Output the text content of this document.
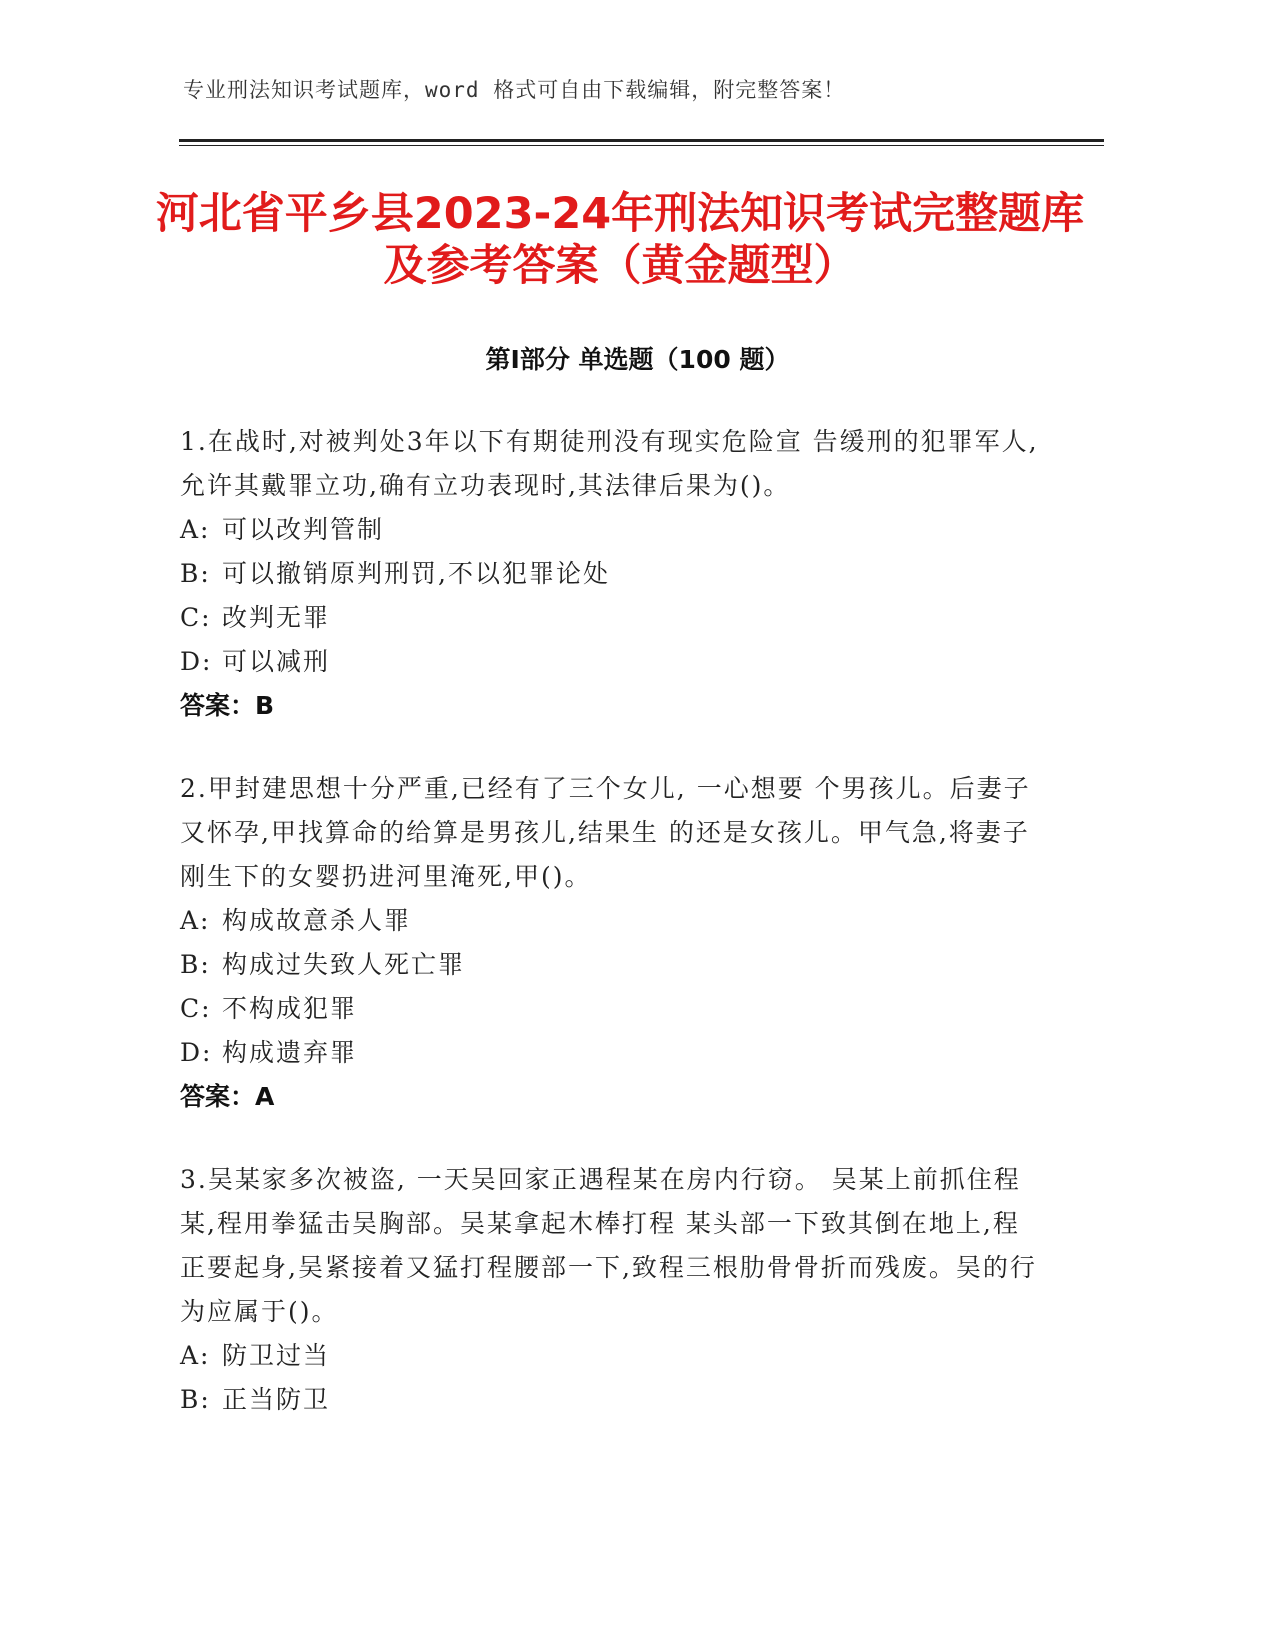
专业刑法知识考试题库，word 格式可自由下载编辑，附完整答案！
河北省平乡县2023-24年刑法知识考试完整题库及参考答案（黄金题型）
第Ⅰ部分 单选题（100 题）

1.在战时,对被判处3年以下有期徒刑没有现实危险宣 告缓刑的犯罪军人,允许其戴罪立功,确有立功表现时,其法律后果为()。

A: 可以改判管制
B: 可以撤销原判刑罚,不以犯罪论处
C: 改判无罪
D: 可以减刑
答案：B

2.甲封建思想十分严重,已经有了三个女儿, 一心想要 个男孩儿。后妻子又怀孕,甲找算命的给算是男孩儿,结果生 的还是女孩儿。甲气急,将妻子刚生下的女婴扔进河里淹死,甲()。

A: 构成故意杀人罪
B: 构成过失致人死亡罪
C: 不构成犯罪
D: 构成遗弃罪
答案：A

3.吴某家多次被盗, 一天吴回家正遇程某在房内行窃。 吴某上前抓住程某,程用拳猛击吴胸部。吴某拿起木棒打程 某头部一下致其倒在地上,程正要起身,吴紧接着又猛打程腰部一下,致程三根肋骨骨折而残废。吴的行为应属于()。

A: 防卫过当
B: 正当防卫
